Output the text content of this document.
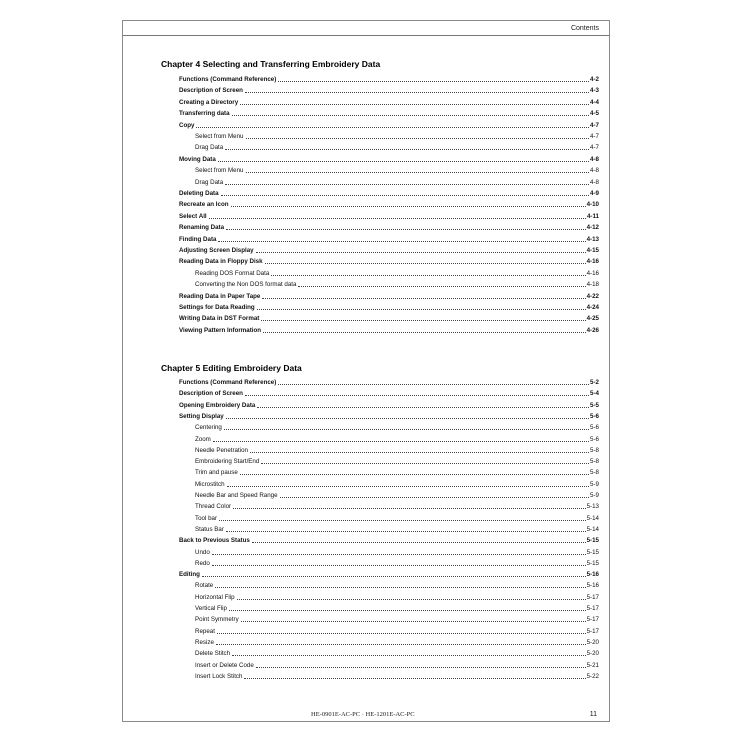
Contents
Chapter 4 Selecting and Transferring Embroidery Data
Functions (Command Reference)	4-2
Description of Screen	4-3
Creating a Directory	4-4
Transferring data	4-5
Copy	4-7
Select from Menu	4-7
Drag Data	4-7
Moving Data	4-8
Select from Menu	4-8
Drag Data	4-8
Deleting Data	4-9
Recreate an Icon	4-10
Select All	4-11
Renaming Data	4-12
Finding Data	4-13
Adjusting Screen Display	4-15
Reading Data in Floppy Disk	4-16
Reading DOS Format Data	4-16
Converting the Non DOS format data	4-18
Reading Data in Paper Tape	4-22
Settings for Data Reading	4-24
Writing Data in DST Format	4-25
Viewing Pattern Information	4-26
Chapter 5 Editing Embroidery Data
Functions (Command Reference)	5-2
Description of Screen	5-4
Opening Embroidery Data	5-5
Setting Display	5-6
Centering	5-6
Zoom	5-6
Needle Penetration	5-8
Embroidering Start/End	5-8
Trim and pause	5-8
Microstitch	5-9
Needle Bar and Speed Range	5-9
Thread Color	5-13
Tool bar	5-14
Status Bar	5-14
Back to Previous Status	5-15
Undo	5-15
Redo	5-15
Editing	5-16
Rotate	5-16
Horizontal Flip	5-17
Vertical Flip	5-17
Point Symmetry	5-17
Repeat	5-17
Resize	5-20
Delete Stitch	5-20
Insert or Delete Code	5-21
Insert Lock Stitch	5-22
HE-0901E-AC-PC · HE-1201E-AC-PC	11
